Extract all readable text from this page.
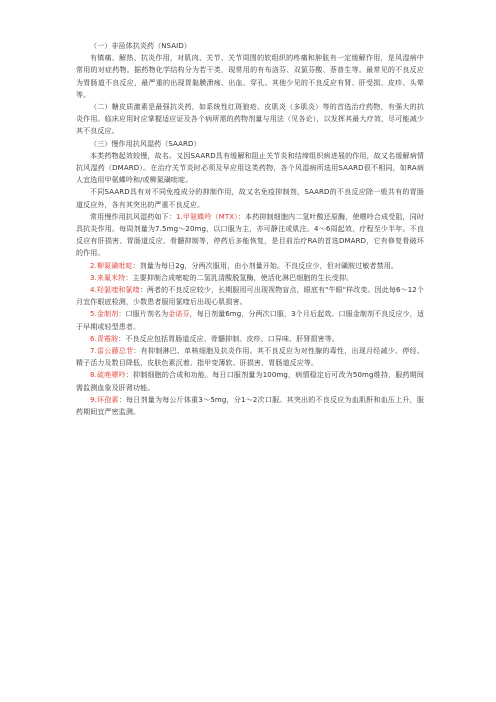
（一）非甾体抗炎药（NSAID）

有镇痛、解热、抗炎作用，对肌肉、关节、关节周围的软组织的疼痛和肿胀有一定缓解作用，是风湿病中常用的对症药物。据药物化学结构分为若干类，现常用的有布洛芬、双氯芬酸、萘普生等。最常见的不良反应为胃肠道不良反应，最严重的出现胃黏膜溃疡、出血、穿孔。其他少见的不良反应有肾、肝受损、皮疹、头晕等。

（二）糖皮质激素是最强抗炎药，如系统性红斑狼疮、皮肌炎（多肌炎）等的首选治疗药物，有强大的抗炎作用。临床应用时应掌握适应证及各个病所需的药物剂量与用法（见各论），以发挥其最大疗效，尽可能减少其不良反应。

（三）慢作用抗风湿药（SAARD）

本类药物起效较慢，故名。又因SAARD具有缓解和阻止关节炎和结缔组织病进展的作用，故又名缓解病情抗风湿药（DMARD）。在治疗关节炎时必须及早应用这类药物，各个风湿病所选用SAARD很不相同，如RA病人宜选用甲氨蝶呤和/或柳氮磺吡啶。

不同SAARD具有对不同免疫成分的抑制作用，故又名免疫抑制剂，SAARD的不良反应除一般共有的胃肠道反应外，各有其突出的严重不良反应。

常用慢作用抗风湿药如下：1.甲氨蝶呤（MTX）：本药抑制细胞内二氢叶酸还原酶，使嘌呤合成受阻，同时具抗炎作用。每周剂量为7.5mg～20mg，以口服为主，亦可静注或肌注。4～6周起效，疗程至少半年。不良反应有肝损害、胃肠道反应、骨髓抑制等，停药后多能恢复，是目前治疗RA的首选DMARD，它有修复骨破坏的作用。

2.柳氮磺吡啶：剂量为每日2g，分两次服用，由小剂量开始。不良反应少，但对磺胺过敏者禁用。

3.来氟米特：主要抑制合成嘧啶的二氢乳清酸脱氢酶，使活化淋巴细胞的生长受抑。

4.羟氯喹和氯喹：两者的不良反应较少，长期服用可出现视物盲点，眼底有"牛眼"样改变。因此每6～12个月宜作眼底检测，少数患者服用氯喹后出现心肌损害。

5.金制剂：口服片剂名为金诺芬，每日剂量6mg，分两次口服，3个月后起效。口服金制剂不良反应少，适于早期或轻型患者。

6.青霉胺：不良反应包括胃肠道反应、骨髓抑制、皮疹、口异味、肝肾损害等。

7.雷公藤总苷：有抑制淋巴、单核细胞及抗炎作用。其不良反应为对性腺的毒性，出现月经减少、停经、精子活力及数目降低、皮肤色素沉着、指甲变薄软、肝损害、胃肠道反应等。

8.硫唑嘌呤：抑制细胞的合成和功能。每日口服剂量为100mg，病情稳定后可改为50mg维持，服药期间需监测血象及肝肾功能。

9.环孢素：每日剂量为每公斤体重3～5mg，分1～2次口服。其突出的不良反应为血肌酐和血压上升，服药期间宜严密监测。
